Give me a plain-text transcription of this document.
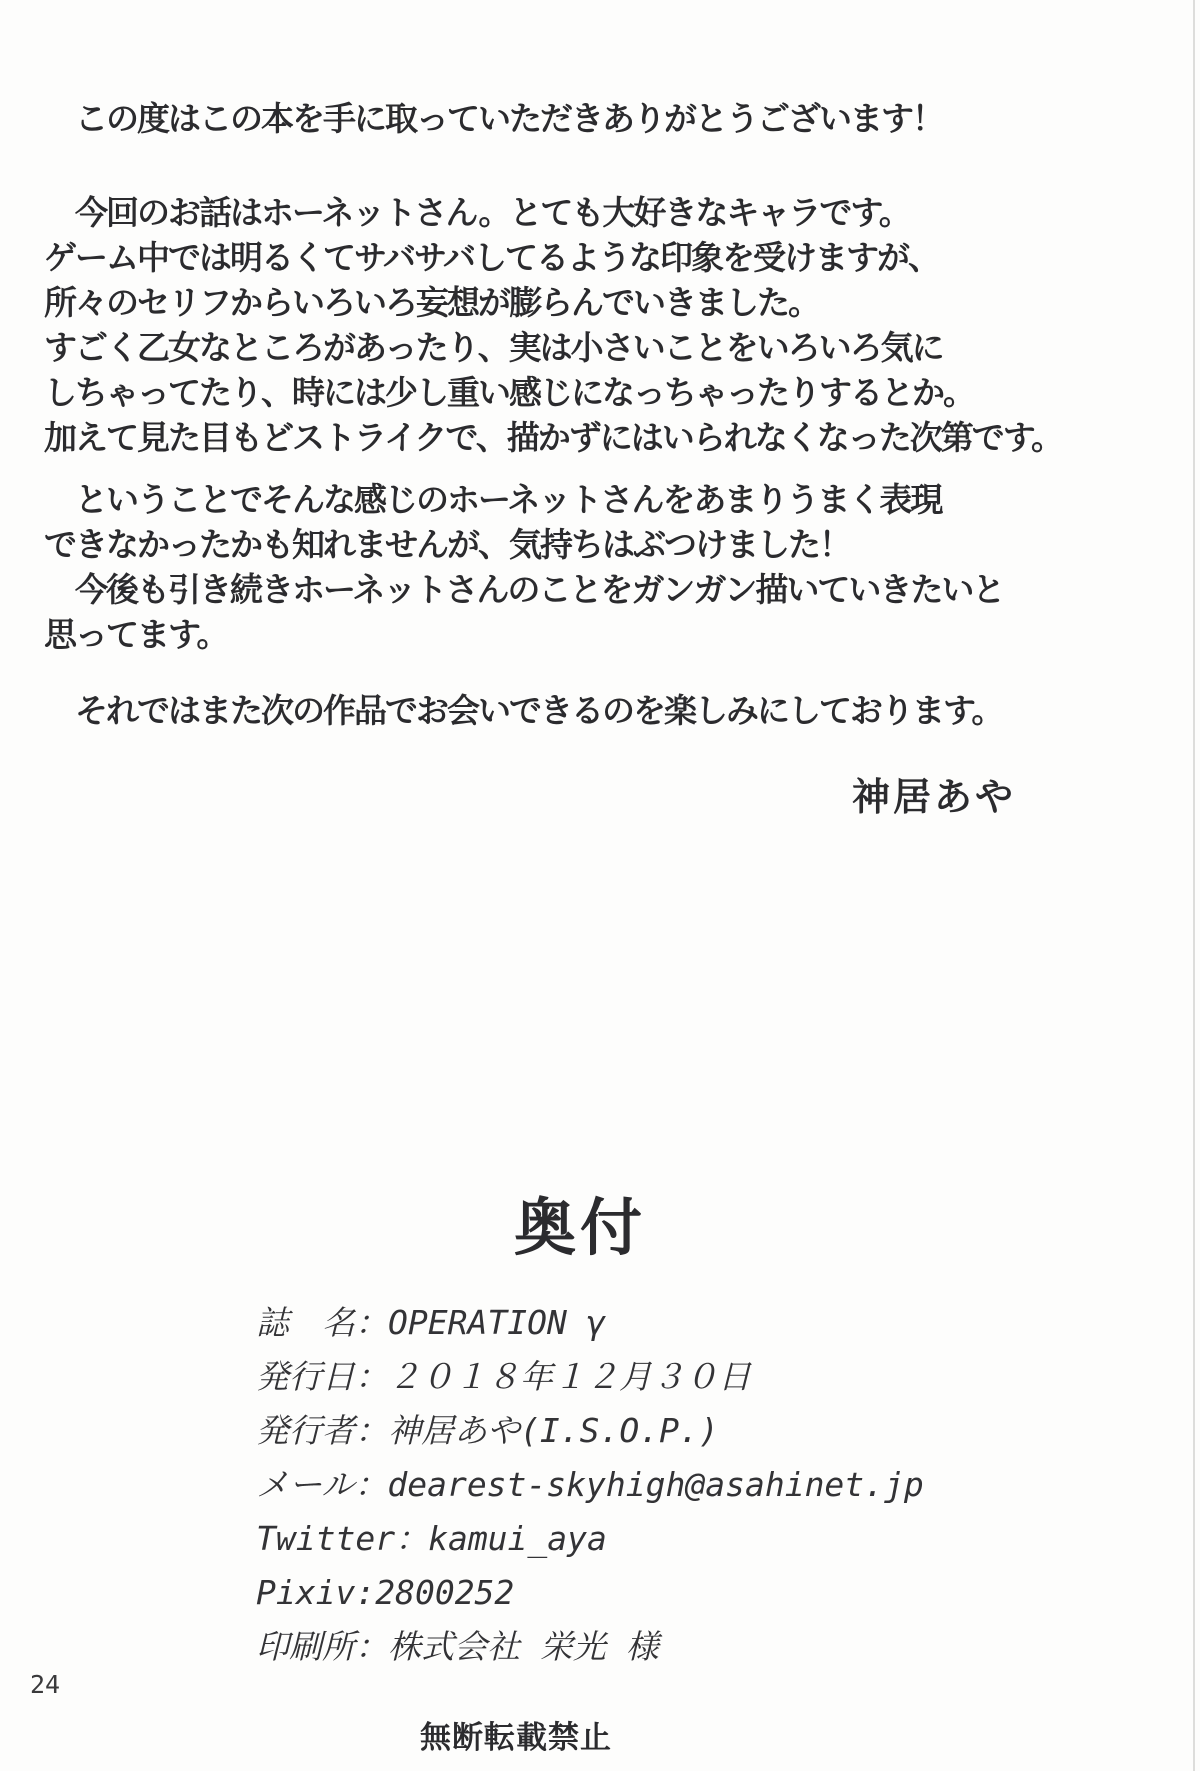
　この度はこの本を手に取っていただきありがとうございます！
　今回のお話はホーネットさん。とても大好きなキャラです。
ゲーム中では明るくてサバサバしてるような印象を受けますが、
所々のセリフからいろいろ妄想が膨らんでいきました。
すごく乙女なところがあったり、実は小さいことをいろいろ気に
しちゃってたり、時には少し重い感じになっちゃったりするとか。
加えて見た目もどストライクで、描かずにはいられなくなった次第です。
　ということでそんな感じのホーネットさんをあまりうまく表現
できなかったかも知れませんが、気持ちはぶつけました！
　今後も引き続きホーネットさんのことをガンガン描いていきたいと
思ってます。
　それではまた次の作品でお会いできるのを楽しみにしております。
神居あや
奥付
誌　名：OPERATION γ
発行日：２０１８年１２月３０日
発行者：神居あや(I.S.O.P.)
メール：dearest-skyhigh@asahinet.jp
Twitter：kamui_aya
Pixiv:2800252
印刷所：株式会社 栄光 様
24
無断転載禁止
